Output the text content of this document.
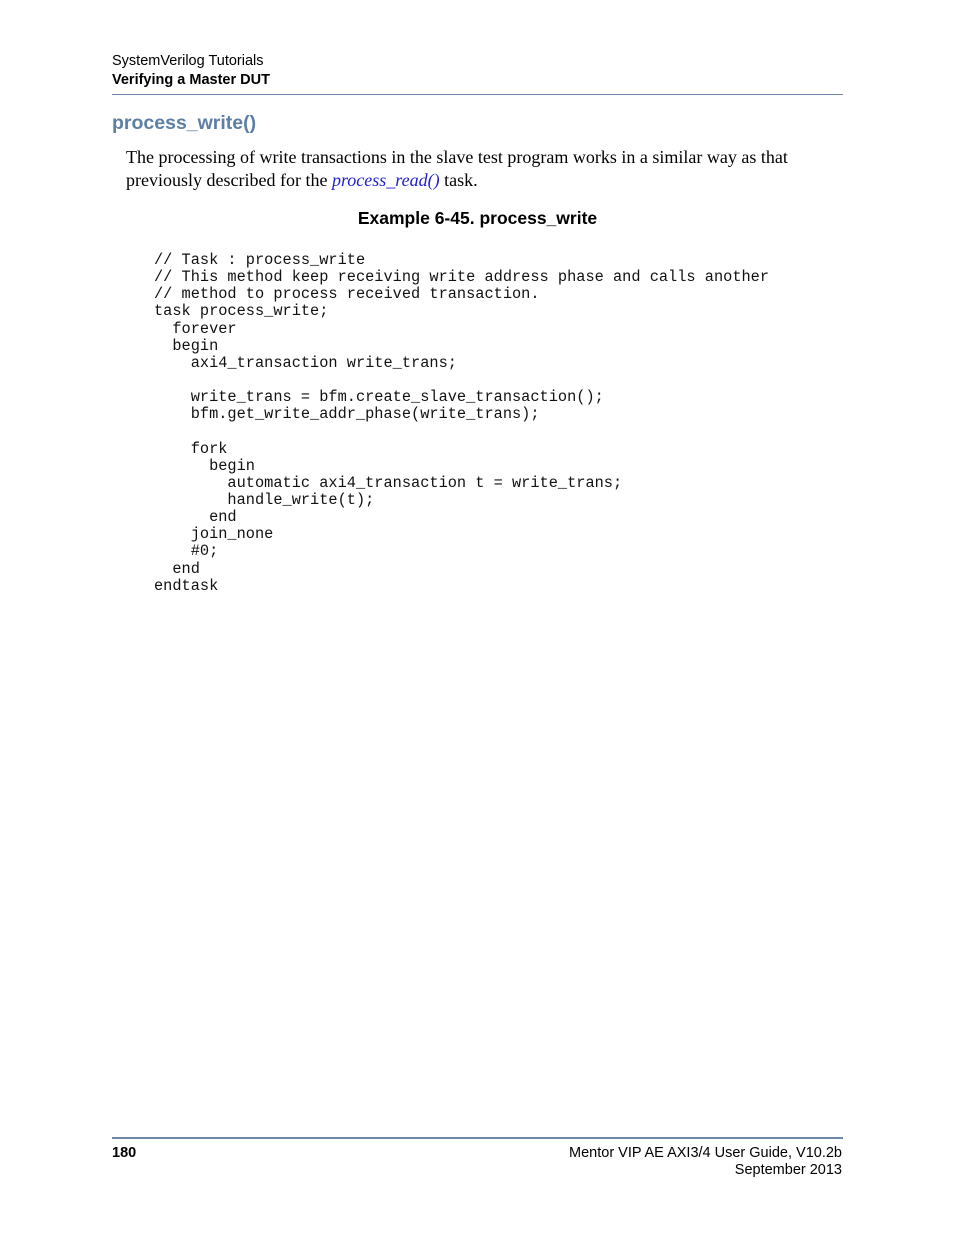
SystemVerilog Tutorials
Verifying a Master DUT
process_write()

The processing of write transactions in the slave test program works in a similar way as that previously described for the process_read() task.

Example 6-45. process_write
// Task : process_write
// This method keep receiving write address phase and calls another
// method to process received transaction.
task process_write;
forever
begin
axi4_transaction write_trans;
write_trans = bfm.create_slave_transaction();
bfm.get_write_addr_phase(write_trans);
fork
begin
automatic axi4_transaction t = write_trans;
handle_write(t);
end
join_none
#0;
end
endtask
180	Mentor VIP AE AXI3/4 User Guide, V10.2b
September 2013
